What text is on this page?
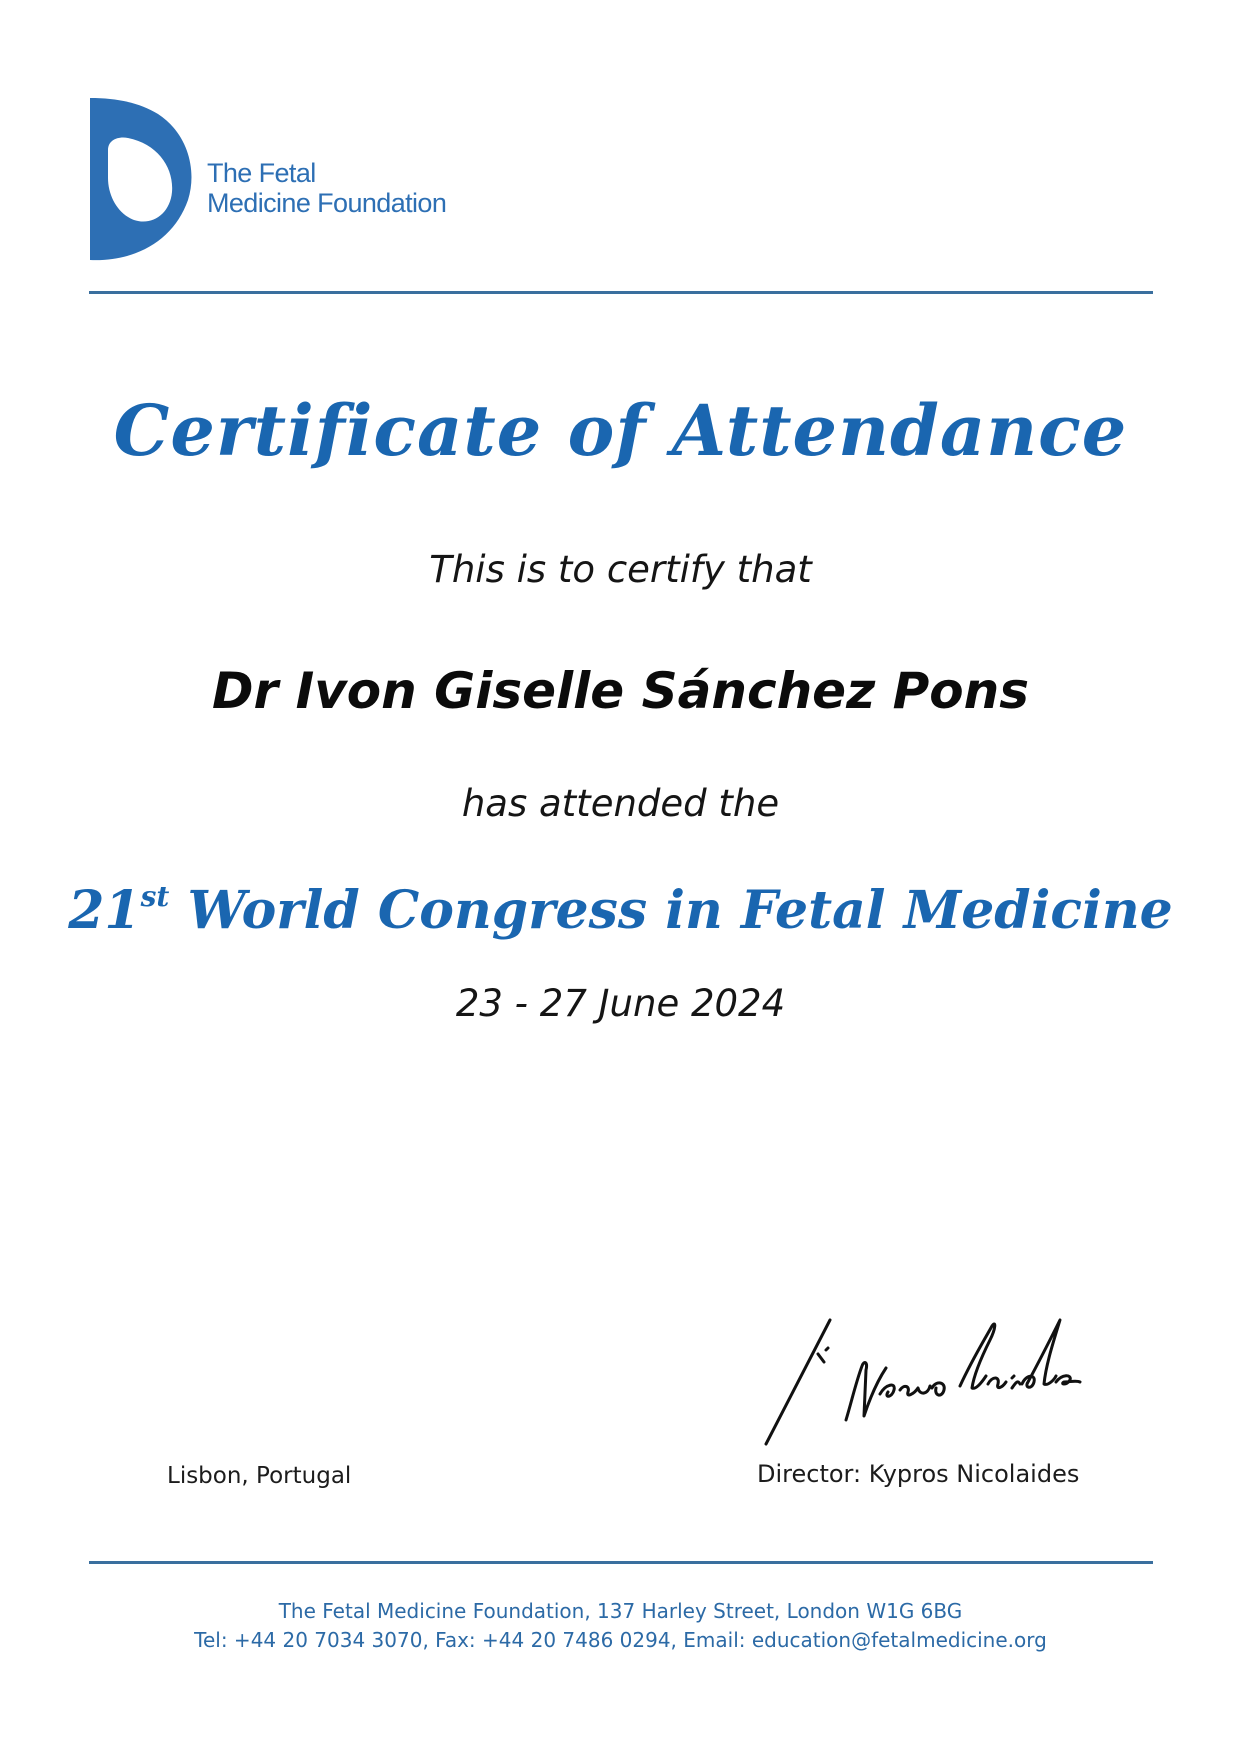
The Fetal
Medicine Foundation
Certificate of Attendance
This is to certify that
Dr Ivon Giselle Sánchez Pons
has attended the
21st World Congress in Fetal Medicine
23 - 27 June 2024
Lisbon, Portugal	Director: Kypros Nicolaides
The Fetal Medicine Foundation, 137 Harley Street, London W1G 6BG
Tel: +44 20 7034 3070, Fax: +44 20 7486 0294, Email: education@fetalmedicine.org
